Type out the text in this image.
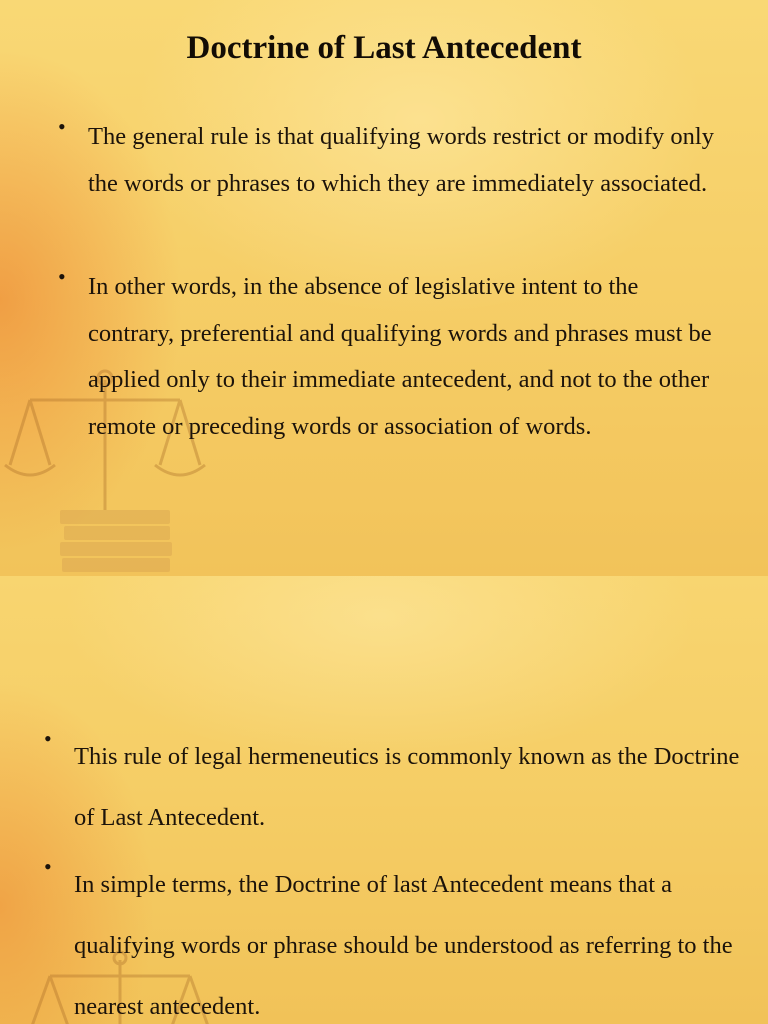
Doctrine of Last Antecedent
• The general rule is that qualifying words restrict or modify only the words or phrases to which they are immediately associated.
• In other words, in the absence of legislative intent to the contrary, preferential and qualifying words and phrases must be applied only to their immediate antecedent, and not to the other remote or preceding words or association of words.
•
This rule of legal hermeneutics is commonly known as the Doctrine of Last Antecedent.
•
In simple terms, the Doctrine of last Antecedent means that a qualifying words or phrase should be understood as referring to the nearest antecedent.
